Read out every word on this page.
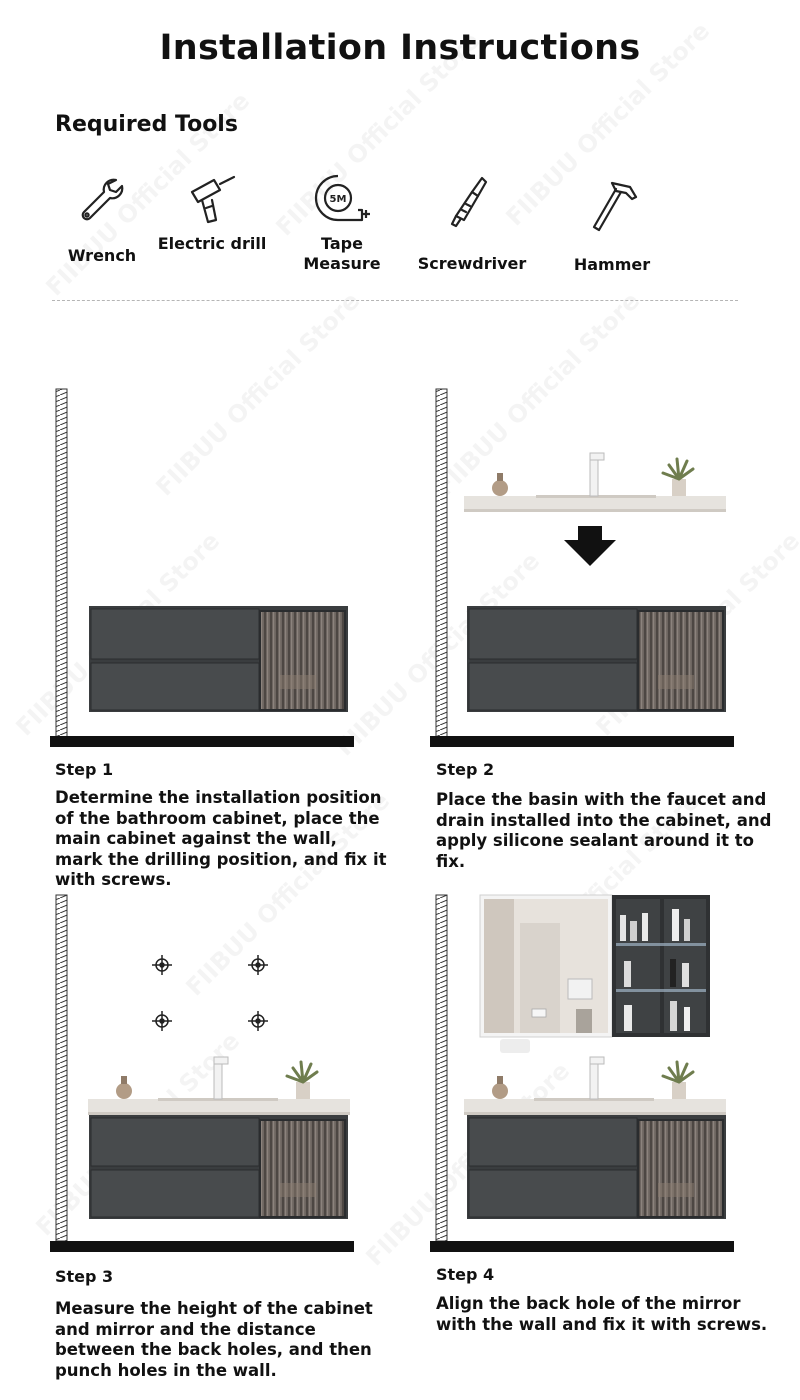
Installation Instructions
Required Tools
Wrench
Electric drill
5M
Tape Measure	Screwdriver	Hammer
Step 1
Determine the installation position of the bathroom cabinet, place the main cabinet against the wall, mark the drilling position, and fix it with screws.
Step 2
Place the basin with the faucet and drain installed into the cabinet, and apply silicone sealant around it to fix.
Step 3
Measure the height of the cabinet and mirror and the distance between the back holes, and then punch holes in the wall.
Step 4
Align the back hole of the mirror with the wall and fix it with screws.
